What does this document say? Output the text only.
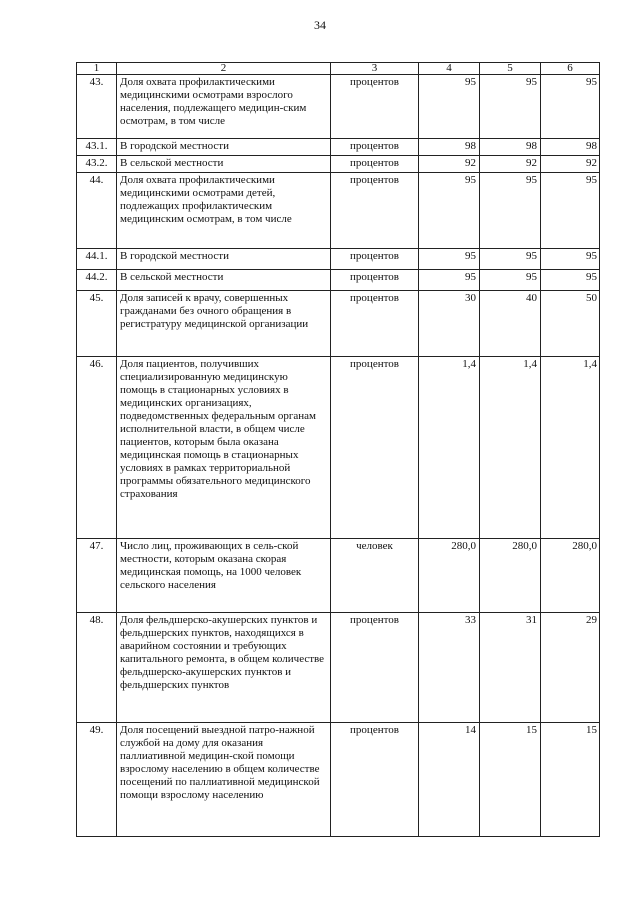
34
1	2	3	4	5	6
43.	Доля охвата профилактическими медицинскими осмотрами взрослого населения, подлежащего медицин-ским осмотрам, в том числе	процентов	95	95	95
43.1.	В городской местности	процентов	98	98	98
43.2.	В сельской местности	процентов	92	92	92
44.	Доля охвата профилактическими медицинскими осмотрами детей, подлежащих профилактическим медицинским осмотрам, в том числе	процентов	95	95	95
44.1.	В городской местности	процентов	95	95	95
44.2.	В сельской местности	процентов	95	95	95
45.	Доля записей к врачу, совершенных гражданами без очного обращения в регистратуру медицинской организации	процентов	30	40	50
46.	Доля пациентов, получивших специализированную медицинскую помощь в стационарных условиях в медицинских организациях, подведомственных федеральным органам исполнительной власти, в общем числе пациентов, которым была оказана медицинская помощь в стационарных условиях в рамках территориальной программы обязательного медицинского страхования	процентов	1,4	1,4	1,4
47.	Число лиц, проживающих в сель-ской местности, которым оказана скорая медицинская помощь, на 1000 человек сельского населения	человек	280,0	280,0	280,0
48.	Доля фельдшерско-акушерских пунктов и фельдшерских пунктов, находящихся в аварийном состоянии и требующих капитального ремонта, в общем количестве фельдшерско-акушерских пунктов и фельдшерских пунктов	процентов	33	31	29
49.	Доля посещений выездной патро-нажной службой на дому для оказания паллиативной медицин-ской помощи взрослому населению в общем количестве посещений по паллиативной медицинской помощи взрослому населению	процентов	14	15	15
